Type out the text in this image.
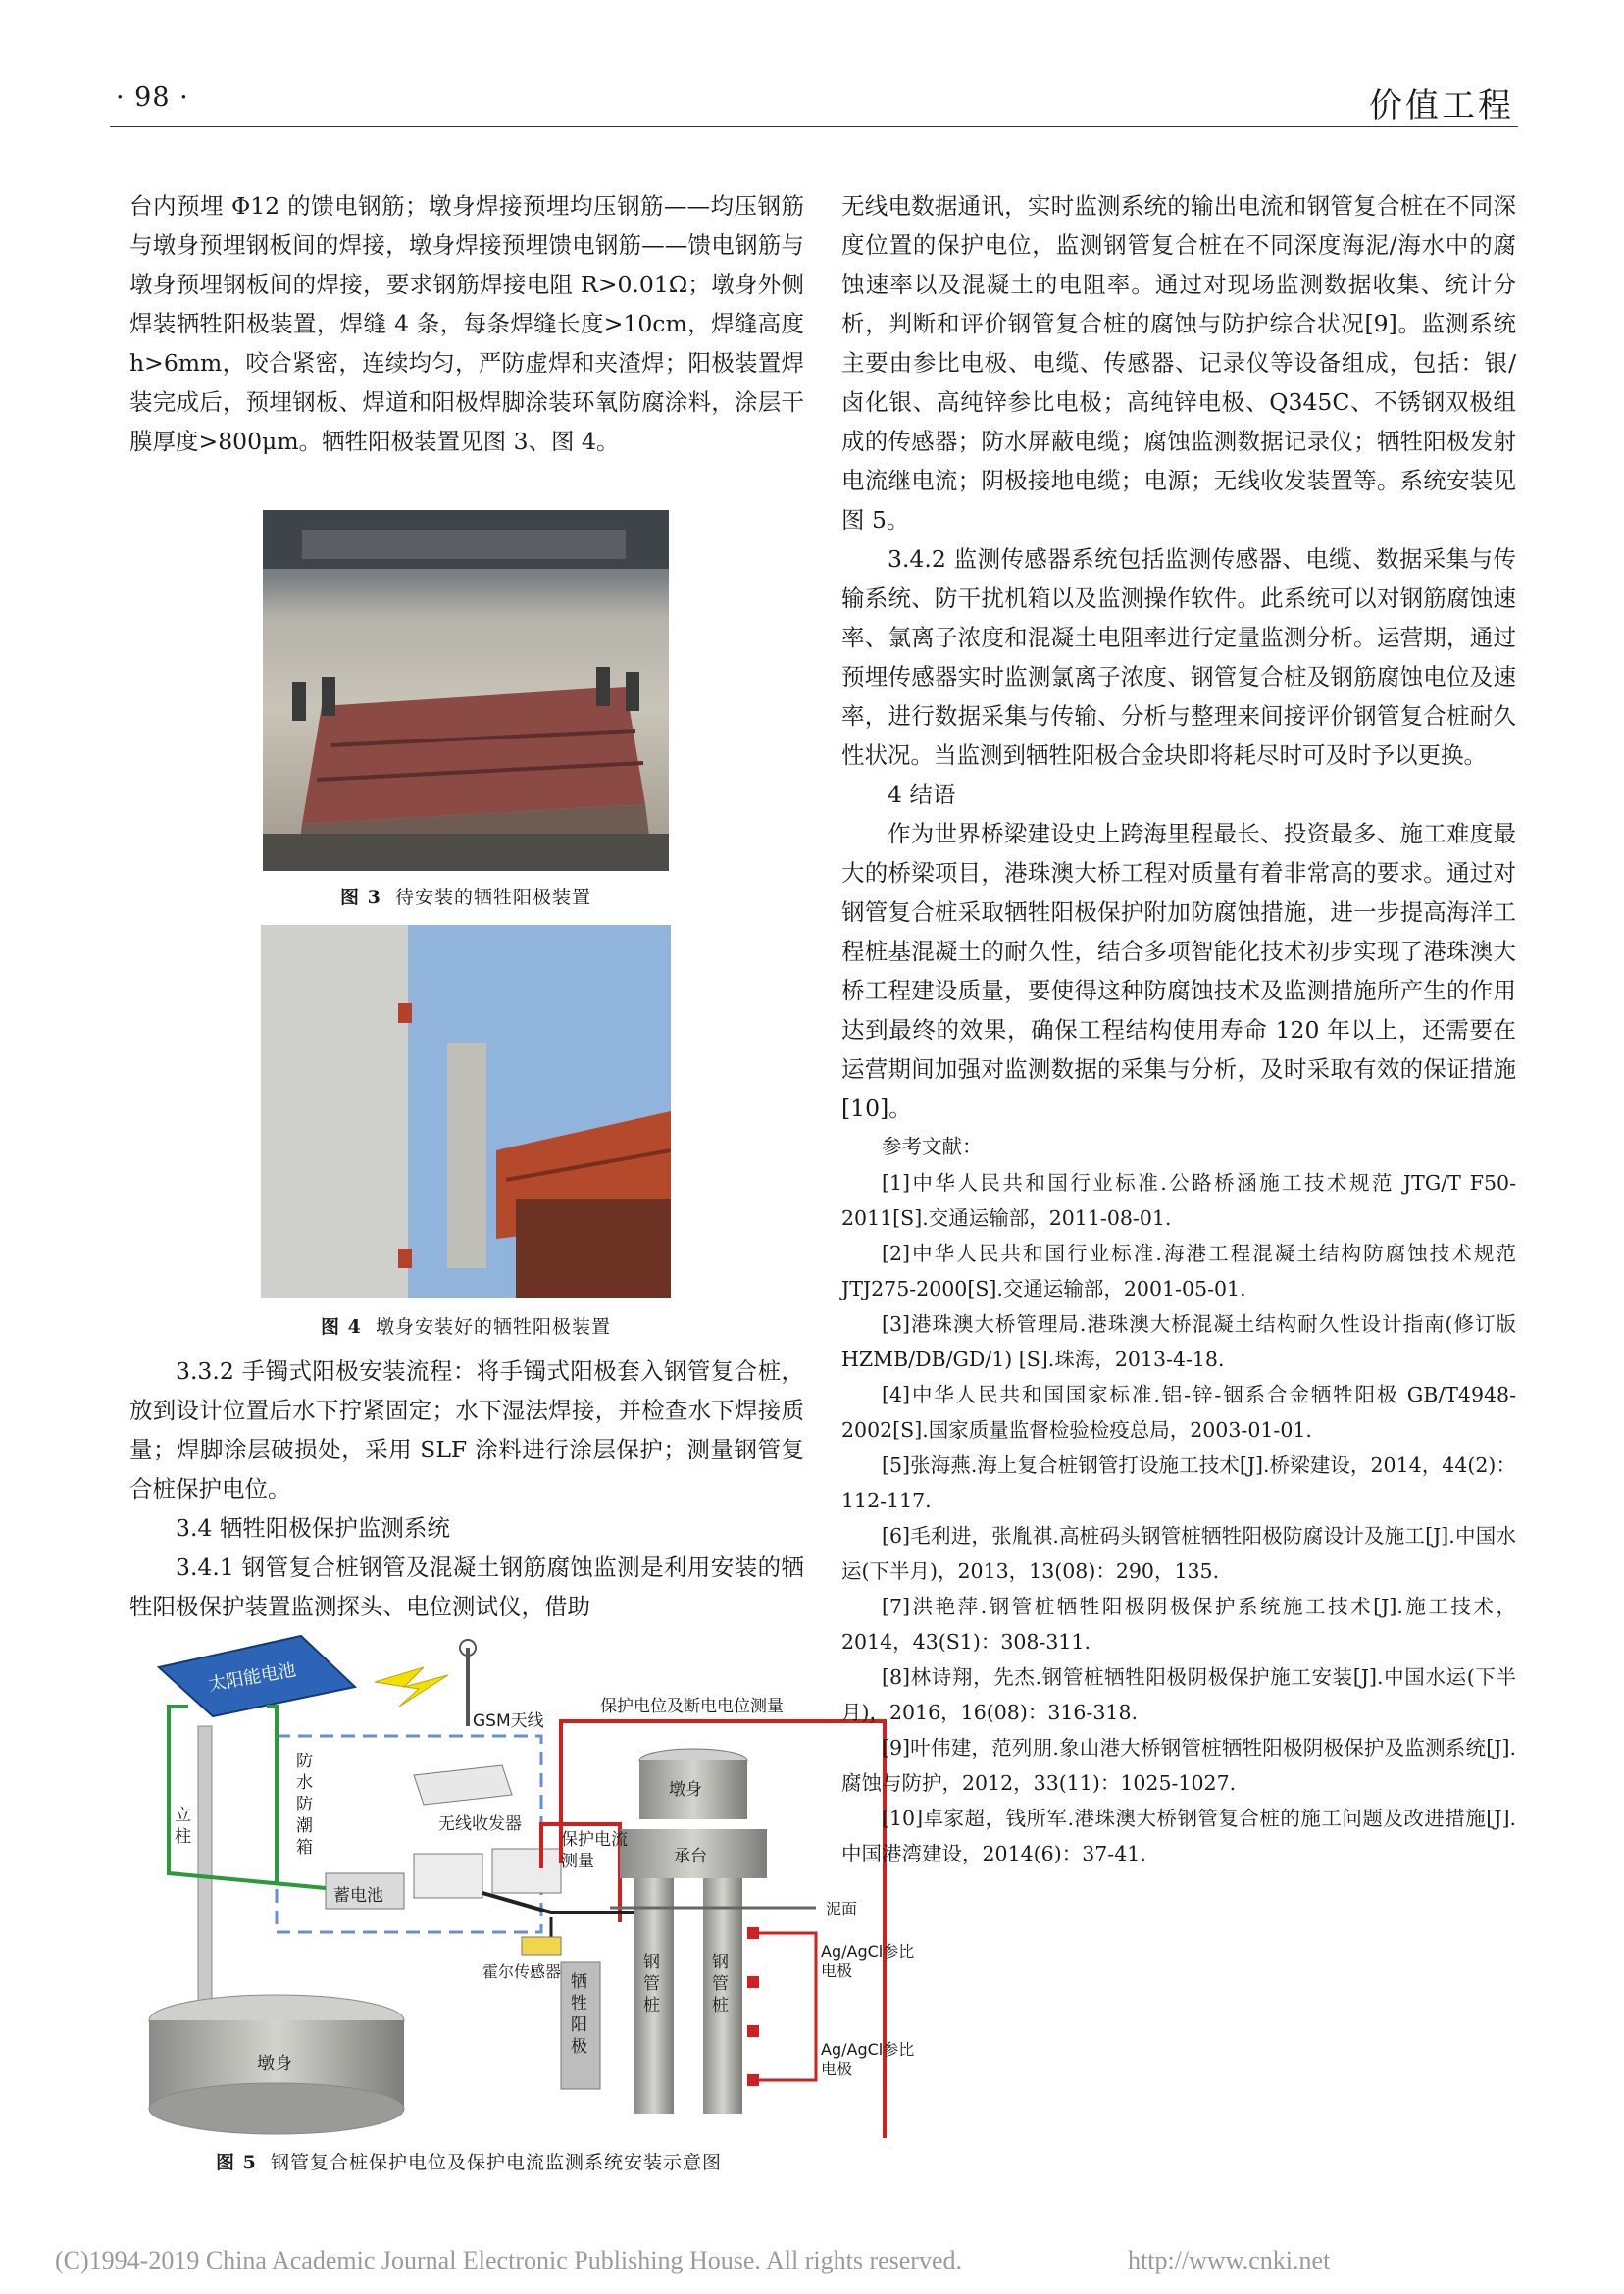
· 98 ·	价值工程

台内预埋 Φ12 的馈电钢筋；墩身焊接预埋均压钢筋——均压钢筋与墩身预埋钢板间的焊接，墩身焊接预埋馈电钢筋——馈电钢筋与墩身预埋钢板间的焊接，要求钢筋焊接电阻 R>0.01Ω；墩身外侧焊装牺牲阳极装置，焊缝 4 条，每条焊缝长度>10cm，焊缝高度 h>6mm，咬合紧密，连续均匀，严防虚焊和夹渣焊；阳极装置焊装完成后，预埋钢板、焊道和阳极焊脚涂装环氧防腐涂料，涂层干膜厚度>800μm。牺牲阳极装置见图 3、图 4。

图 3 待安装的牺牲阳极装置
图 4 墩身安装好的牺牲阳极装置

3.3.2 手镯式阳极安装流程：将手镯式阳极套入钢管复合桩，放到设计位置后水下拧紧固定；水下湿法焊接，并检查水下焊接质量；焊脚涂层破损处，采用 SLF 涂料进行涂层保护；测量钢管复合桩保护电位。

3.4 牺牲阳极保护监测系统

3.4.1 钢管复合桩钢管及混凝土钢筋腐蚀监测是利用安装的牺牲阳极保护装置监测探头、电位测试仪，借助

太阳能电池
GSM天线
防水防潮箱
立柱
蓄电池
无线收发器
保护电位及断电电位测量
保护电流测量
霍尔传感器
牺牲阳极
墩身
承台
泥面
钢管桩
钢管桩
Ag/AgCl参比电极
Ag/AgCl参比电极
墩身
图 5 钢管复合桩保护电位及保护电流监测系统安装示意图

无线电数据通讯，实时监测系统的输出电流和钢管复合桩在不同深度位置的保护电位，监测钢管复合桩在不同深度海泥/海水中的腐蚀速率以及混凝土的电阻率。通过对现场监测数据收集、统计分析，判断和评价钢管复合桩的腐蚀与防护综合状况[9]。监测系统主要由参比电极、电缆、传感器、记录仪等设备组成，包括：银/卤化银、高纯锌参比电极；高纯锌电极、Q345C、不锈钢双极组成的传感器；防水屏蔽电缆；腐蚀监测数据记录仪；牺牲阳极发射电流继电流；阴极接地电缆；电源；无线收发装置等。系统安装见图 5。

3.4.2 监测传感器系统包括监测传感器、电缆、数据采集与传输系统、防干扰机箱以及监测操作软件。此系统可以对钢筋腐蚀速率、氯离子浓度和混凝土电阻率进行定量监测分析。运营期，通过预埋传感器实时监测氯离子浓度、钢管复合桩及钢筋腐蚀电位及速率，进行数据采集与传输、分析与整理来间接评价钢管复合桩耐久性状况。当监测到牺牲阳极合金块即将耗尽时可及时予以更换。

4 结语

作为世界桥梁建设史上跨海里程最长、投资最多、施工难度最大的桥梁项目，港珠澳大桥工程对质量有着非常高的要求。通过对钢管复合桩采取牺牲阳极保护附加防腐蚀措施，进一步提高海洋工程桩基混凝土的耐久性，结合多项智能化技术初步实现了港珠澳大桥工程建设质量，要使得这种防腐蚀技术及监测措施所产生的作用达到最终的效果，确保工程结构使用寿命 120 年以上，还需要在运营期间加强对监测数据的采集与分析，及时采取有效的保证措施[10]。

参考文献：

[1]中华人民共和国行业标准.公路桥涵施工技术规范 JTG/T F50-2011[S].交通运输部，2011-08-01.

[2]中华人民共和国行业标准.海港工程混凝土结构防腐蚀技术规范 JTJ275-2000[S].交通运输部，2001-05-01.

[3]港珠澳大桥管理局.港珠澳大桥混凝土结构耐久性设计指南(修订版 HZMB/DB/GD/1) [S].珠海，2013-4-18.

[4]中华人民共和国国家标准.铝-锌-铟系合金牺牲阳极 GB/T4948-2002[S].国家质量监督检验检疫总局，2003-01-01.

[5]张海燕.海上复合桩钢管打设施工技术[J].桥梁建设，2014，44(2)：112-117.

[6]毛利进，张胤祺.高桩码头钢管桩牺牲阳极防腐设计及施工[J].中国水运(下半月)，2013，13(08)：290，135.

[7]洪艳萍.钢管桩牺牲阳极阴极保护系统施工技术[J].施工技术，2014，43(S1)：308-311.

[8]林诗翔，先杰.钢管桩牺牲阳极阴极保护施工安装[J].中国水运(下半月)，2016，16(08)：316-318.

[9]叶伟建，范列朋.象山港大桥钢管桩牺牲阳极阴极保护及监测系统[J].腐蚀与防护，2012，33(11)：1025-1027.

[10]卓家超，钱所军.港珠澳大桥钢管复合桩的施工问题及改进措施[J].中国港湾建设，2014(6)：37-41.

(C)1994-2019 China Academic Journal Electronic Publishing House. All rights reserved.	http://www.cnki.net
